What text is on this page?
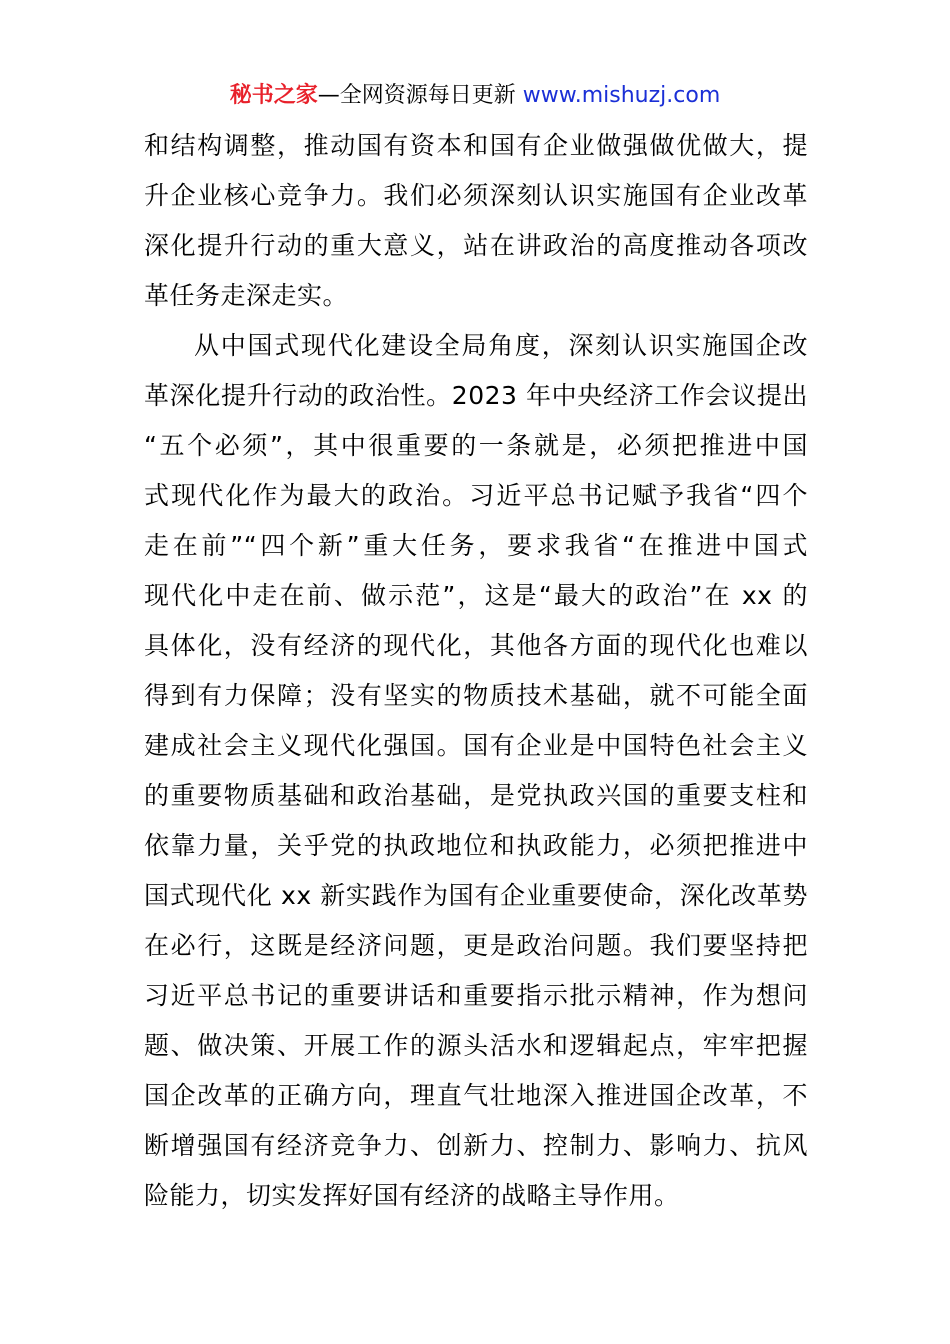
秘书之家—全网资源每日更新 www.mishuzj.com
和结构调整，推动国有资本和国有企业做强做优做大，提
升企业核心竞争力。我们必须深刻认识实施国有企业改革
深化提升行动的重大意义，站在讲政治的高度推动各项改
革任务走深走实。
从中国式现代化建设全局角度，深刻认识实施国企改
革深化提升行动的政治性。2023 年中央经济工作会议提出
“五个必须”，其中很重要的一条就是，必须把推进中国
式现代化作为最大的政治。习近平总书记赋予我省“四个
走在前”“四个新”重大任务，要求我省“在推进中国式
现代化中走在前、做示范”，这是“最大的政治”在 xx 的
具体化，没有经济的现代化，其他各方面的现代化也难以
得到有力保障；没有坚实的物质技术基础，就不可能全面
建成社会主义现代化强国。国有企业是中国特色社会主义
的重要物质基础和政治基础，是党执政兴国的重要支柱和
依靠力量，关乎党的执政地位和执政能力，必须把推进中
国式现代化 xx 新实践作为国有企业重要使命，深化改革势
在必行，这既是经济问题，更是政治问题。我们要坚持把
习近平总书记的重要讲话和重要指示批示精神，作为想问
题、做决策、开展工作的源头活水和逻辑起点，牢牢把握
国企改革的正确方向，理直气壮地深入推进国企改革，不
断增强国有经济竞争力、创新力、控制力、影响力、抗风
险能力，切实发挥好国有经济的战略主导作用。
